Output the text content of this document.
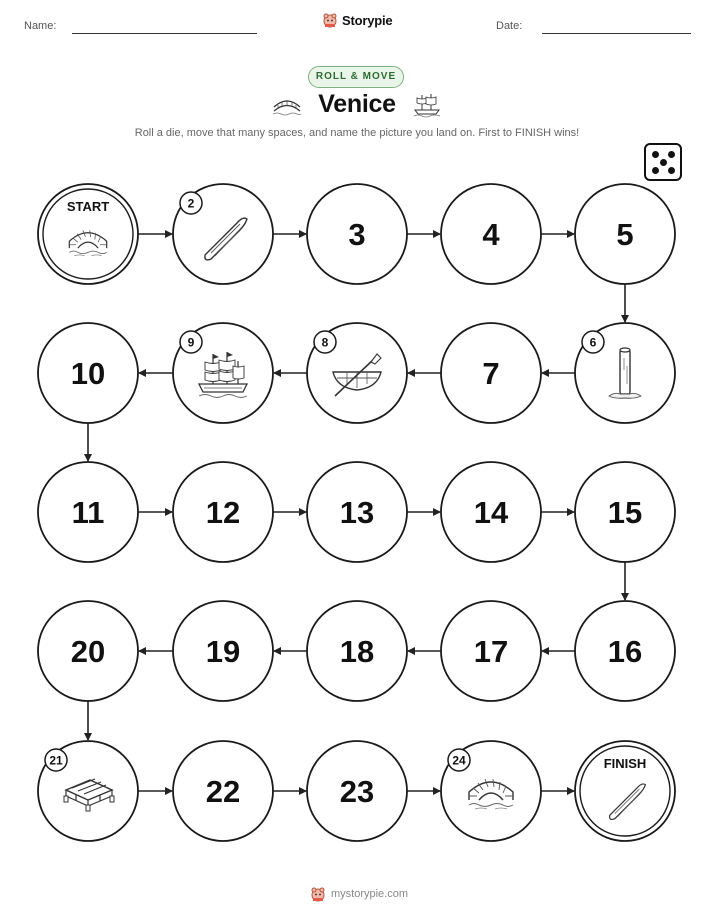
Name:	Date:
Storypie
ROLL & MOVE
Venice
Roll a die, move that many spaces, and name the picture you land on. First to FINISH wins!
START	2
3	4	5
6
7
8
9
10
11	12	13	14	15
16
17
18
19
20
21
22	23
24	FINISH
mystorypie.com
